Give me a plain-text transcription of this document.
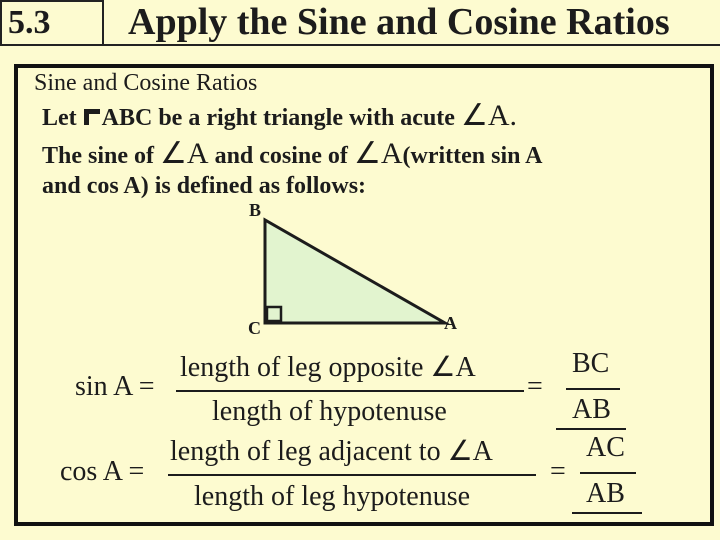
5.3 Apply the Sine and Cosine Ratios
Sine and Cosine Ratios
Let ABC be a right triangle with acute ∠A.
The sine of ∠A and cosine of ∠A(written sin A
and cos A) is defined as follows:
B
C	A
sin A =
length of leg opposite ∠A
length of hypotenuse
=
BC
AB
cos A =
length of leg adjacent to ∠A
length of leg hypotenuse
=
AC
AB
